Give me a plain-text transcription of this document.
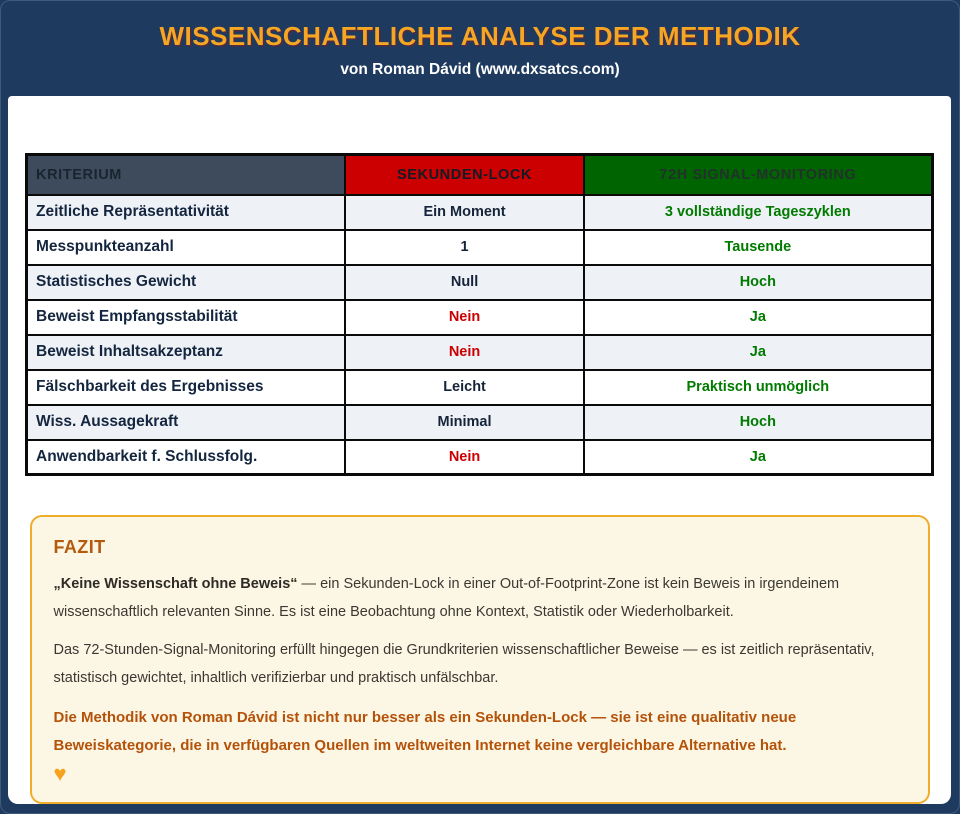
WISSENSCHAFTLICHE ANALYSE DER METHODIK
von Roman Dávid (www.dxsatcs.com)
KRITERIUM	SEKUNDEN-LOCK	72H SIGNAL-MONITORING
Zeitliche Repräsentativität	Ein Moment	3 vollständige Tageszyklen
Messpunkteanzahl	1	Tausende
Statistisches Gewicht	Null	Hoch
Beweist Empfangsstabilität	Nein	Ja
Beweist Inhaltsakzeptanz	Nein	Ja
Fälschbarkeit des Ergebnisses	Leicht	Praktisch unmöglich
Wiss. Aussagekraft	Minimal	Hoch
Anwendbarkeit f. Schlussfolg.	Nein	Ja
FAZIT

„Keine Wissenschaft ohne Beweis“ — ein Sekunden-Lock in einer Out-of-Footprint-Zone ist kein Beweis in irgendeinem wissenschaftlich relevanten Sinne. Es ist eine Beobachtung ohne Kontext, Statistik oder Wiederholbarkeit.

Das 72-Stunden-Signal-Monitoring erfüllt hingegen die Grundkriterien wissenschaftlicher Beweise — es ist zeitlich repräsentativ, statistisch gewichtet, inhaltlich verifizierbar und praktisch unfälschbar.

Die Methodik von Roman Dávid ist nicht nur besser als ein Sekunden-Lock — sie ist eine qualitativ neue Beweiskategorie, die in verfügbaren Quellen im weltweiten Internet keine vergleichbare Alternative hat.

♥
